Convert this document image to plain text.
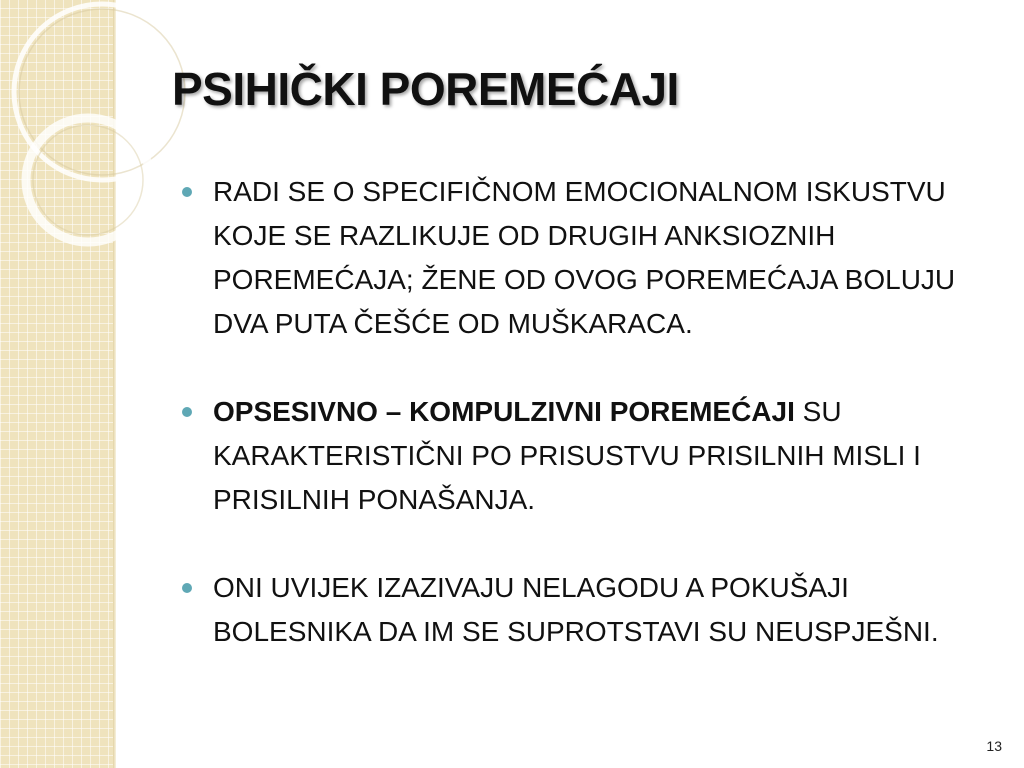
PSIHIČKI POREMEĆAJI
RADI SE O SPECIFIČNOM EMOCIONALNOM ISKUSTVU KOJE SE RAZLIKUJE OD DRUGIH ANKSIOZNIH POREMEĆAJA; ŽENE OD OVOG POREMEĆAJA BOLUJU DVA PUTA ČEŠĆE OD MUŠKARACA.
OPSESIVNO – KOMPULZIVNI POREMEĆAJI SU KARAKTERISTIČNI PO PRISUSTVU PRISILNIH MISLI I PRISILNIH PONAŠANJA.
ONI UVIJEK IZAZIVAJU NELAGODU A POKUŠAJI BOLESNIKA DA IM SE SUPROTSTAVI SU NEUSPJEŠNI.
13
